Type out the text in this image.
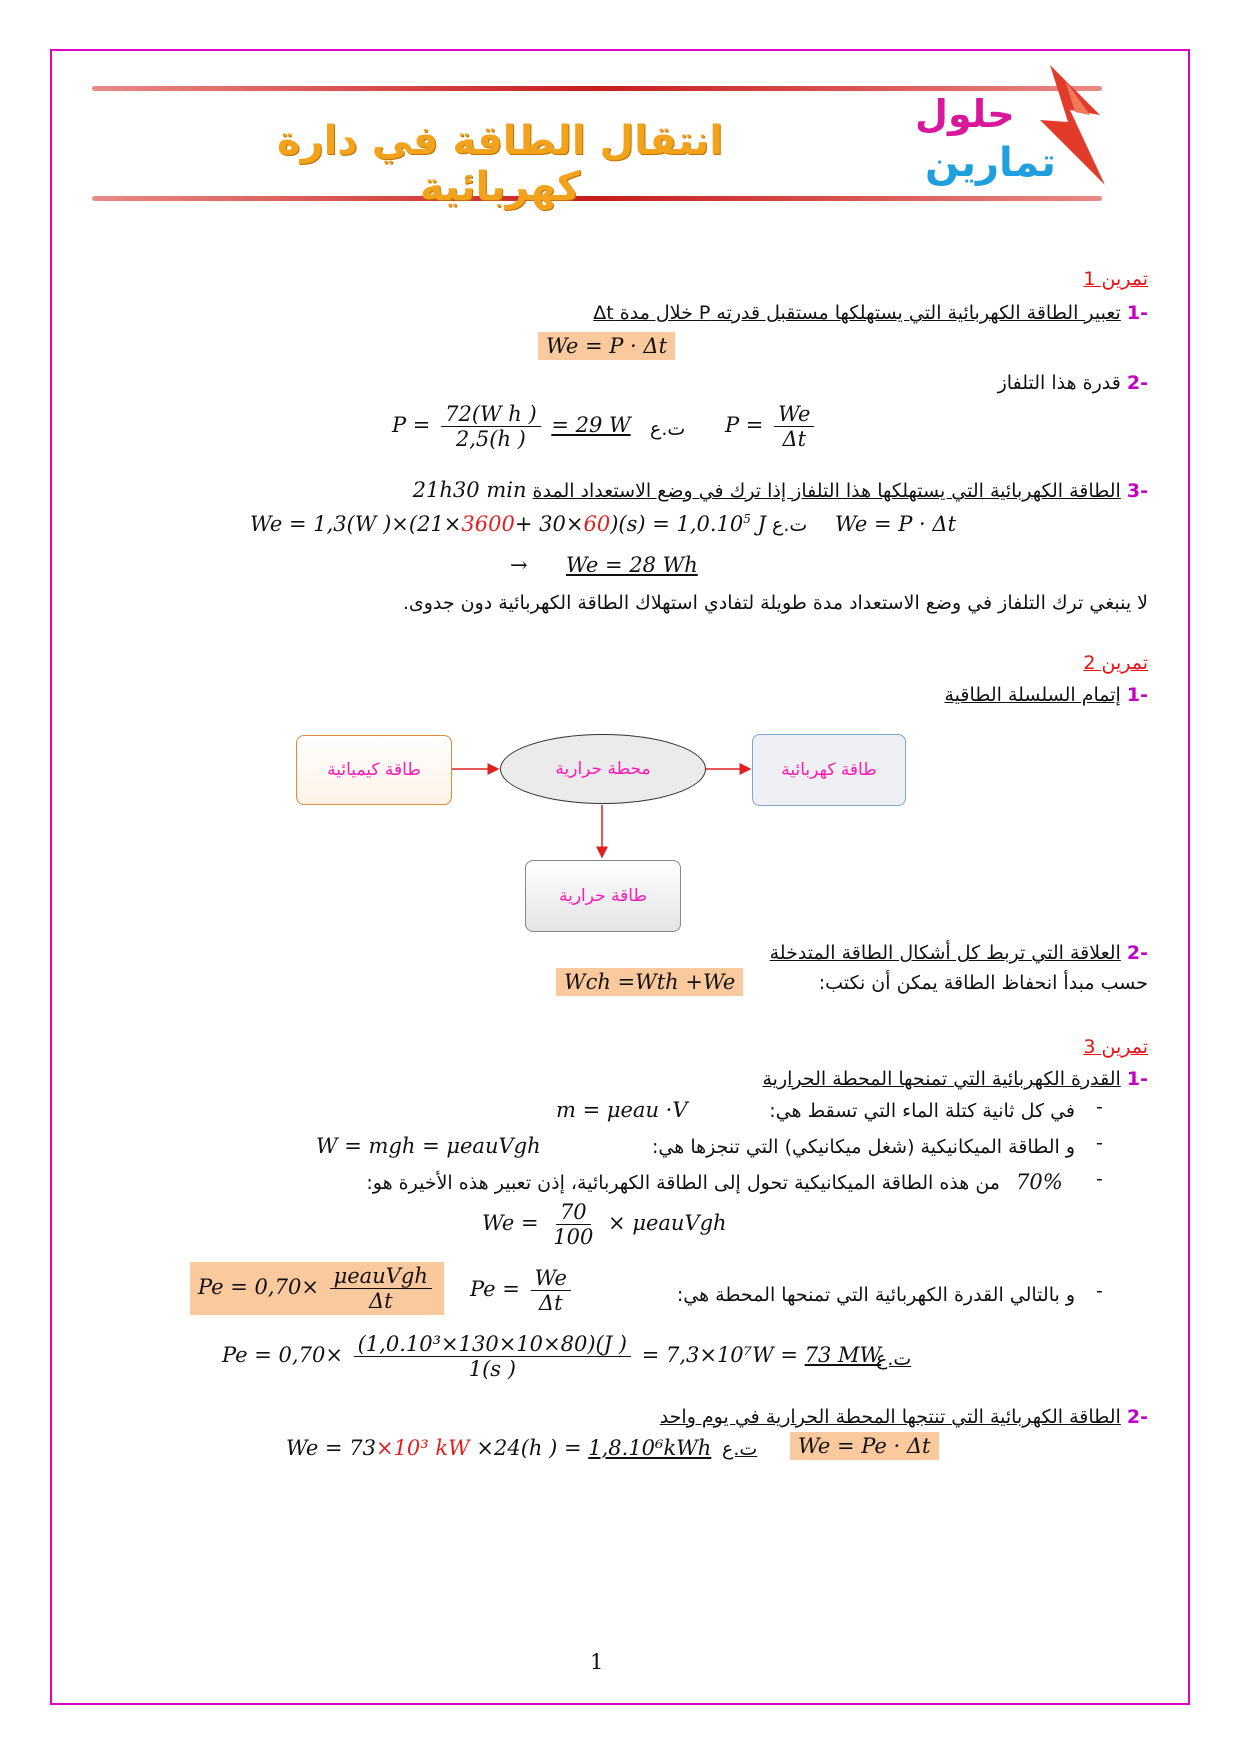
انتقال الطاقة في دارة كهربائية
حلول
تمارين
تمرين 1
-1 تعبير الطاقة الكهربائية التي يستهلكها مستقبل قدرته P خلال مدة Δt
We = P · Δt
-2 قدرة هذا التلفاز
$P = \frac{\text{72(W h )}}{2,5(h )} = 29$ W ت.ع $P = \frac{We}{\Delta t}$
-3 الطاقة الكهربائية التي يستهلكها هذا التلفاز إذا ترك في وضع الاستعداد المدة 21h30 min
We = 1,3(W )$\times(21\times 3600+ 30\times 60)(s) = 1,0.10^5$ J ت.ع We = P · Δt
→ We = 28 Wh
لا ينبغي ترك التلفاز في وضع الاستعداد مدة طويلة لتفادي استهلاك الطاقة الكهربائية دون جدوى.
تمرين 2
-1 إتمام السلسلة الطاقية
طاقة كيميائية	محطة حرارية	طاقة كهربائية
طاقة حرارية
-2 العلاقة التي تربط كل أشكال الطاقة المتدخلة
حسب مبدأ انحفاظ الطاقة يمكن أن نكتب:
Wch =Wth +We
تمرين 3
-1 القدرة الكهربائية التي تمنحها المحطة الحرارية
-
في كل ثانية كتلة الماء التي تسقط هي:
m = μeau ·V
-
و الطاقة الميكانيكية (شغل ميكانيكي) التي تنجزها هي:
W = mgh = μeauVgh
-
70%
من هذه الطاقة الميكانيكية تحول إلى الطاقة الكهربائية، إذن تعبير هذه الأخيرة هو:
$We = \frac{70}{100}$ × μeauVgh
-
و بالتالي القدرة الكهربائية التي تمنحها المحطة هي:
$Pe = \frac{We}{\Delta t}$
$Pe = 0,70\times \frac{\text{μeauVgh}}{\Delta t}$
$Pe = 0,70\times \frac{\text{(1,0.10³×130×10×80)(J )}}{1(s )} = 7,3\times 10^7W = 73$ MW
ت.ع
-2 الطاقة الكهربائية التي تنتجها المحطة الحرارية في يوم واحد
We = 73×10³ kW ×24(h ) = 1,8.10⁶kWh ت.ع	We = Pe · Δt
1
